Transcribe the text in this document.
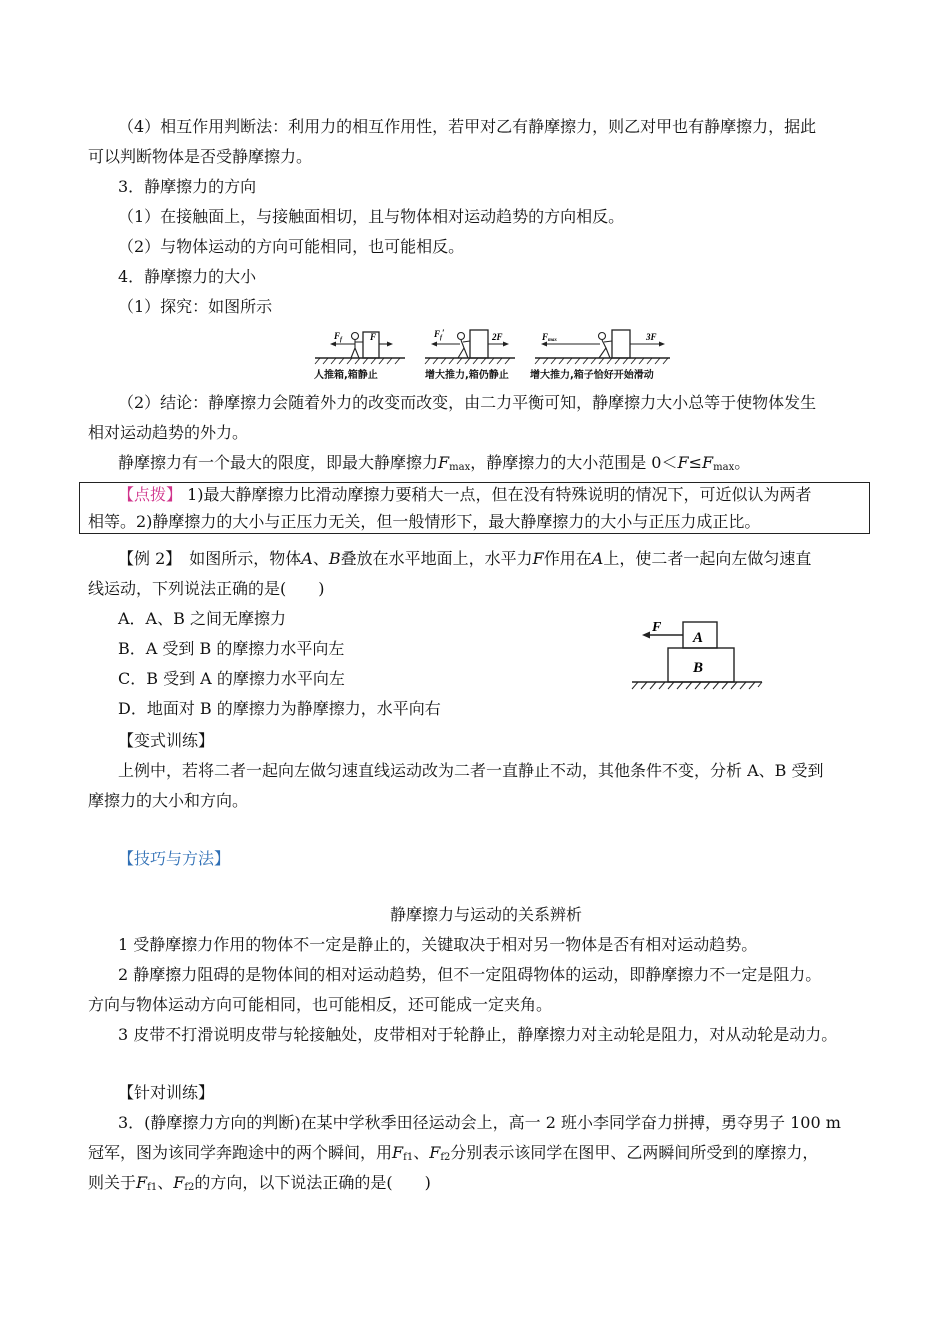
（4）相互作用判断法：利用力的相互作用性，若甲对乙有静摩擦力，则乙对甲也有静摩擦力，据此
可以判断物体是否受静摩擦力。
3．静摩擦力的方向
（1）在接触面上，与接触面相切，且与物体相对运动趋势的方向相反。
（2）与物体运动的方向可能相同，也可能相反。
4．静摩擦力的大小
（1）探究：如图所示
$F_f$	F	$F_f'$	2F	Fmax	3F
人推箱,箱静止	增大推力,箱仍静止 增大推力,箱子恰好开始滑动
（2）结论：静摩擦力会随着外力的改变而改变，由二力平衡可知，静摩擦力大小总等于使物体发生
相对运动趋势的外力。
静摩擦力有一个最大的限度，即最大静摩擦力$F_{max}$，静摩擦力的大小范围是 $0<F\le F_{max}$。
【点拨】 1)最大静摩擦力比滑动摩擦力要稍大一点，但在没有特殊说明的情况下，可近似认为两者
相等。2)静摩擦力的大小与正压力无关，但一般情形下，最大静摩擦力的大小与正压力成正比。
【例 2】　如图所示，物体A、B叠放在水平地面上，水平力F作用在A上，使二者一起向左做匀速直
线运动，下列说法正确的是(　　)
A．A、B 之间无摩擦力
B．A 受到 B 的摩擦力水平向左
C．B 受到 A 的摩擦力水平向左
D．地面对 B 的摩擦力为静摩擦力，水平向右
F
A
B
【变式训练】
上例中，若将二者一起向左做匀速直线运动改为二者一直静止不动，其他条件不变，分析 A、B 受到
摩擦力的大小和方向。
【技巧与方法】
静摩擦力与运动的关系辨析
1 受静摩擦力作用的物体不一定是静止的，关键取决于相对另一物体是否有相对运动趋势。
2 静摩擦力阻碍的是物体间的相对运动趋势，但不一定阻碍物体的运动，即静摩擦力不一定是阻力。
方向与物体运动方向可能相同，也可能相反，还可能成一定夹角。
3 皮带不打滑说明皮带与轮接触处，皮带相对于轮静止，静摩擦力对主动轮是阻力，对从动轮是动力。
【针对训练】
3．(静摩擦力方向的判断)在某中学秋季田径运动会上，高一 2 班小李同学奋力拼搏，勇夺男子 100 m
冠军，图为该同学奔跑途中的两个瞬间，用$F_{f1}$、$F_{f2}$分别表示该同学在图甲、乙两瞬间所受到的摩擦力，
则关于$F_{f1}$、$F_{f2}$的方向，以下说法正确的是(　　)
